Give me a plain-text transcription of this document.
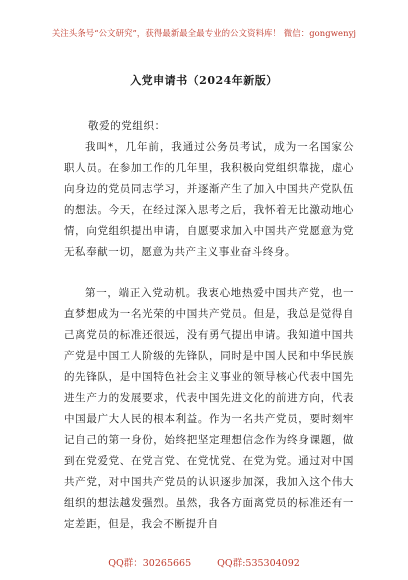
关注头条号“公文研究”，获得最新最全最专业的公文资料库！ 微信：gongwenyj
入党申请书（2024年新版）
敬爱的党组织：

我叫*，几年前，我通过公务员考试，成为一名国家公职人员。在参加工作的几年里，我积极向党组织靠拢，虚心向身边的党员同志学习，并逐渐产生了加入中国共产党队伍的想法。今天，在经过深入思考之后，我怀着无比激动地心情，向党组织提出申请，自愿要求加入中国共产党愿意为党无私奉献一切，愿意为共产主义事业奋斗终身。

第一，端正入党动机。我衷心地热爱中国共产党，也一直梦想成为一名光荣的中国共产党员。但是，我总是觉得自己离党员的标准还很远，没有勇气提出申请。我知道中国共产党是中国工人阶级的先锋队，同时是中国人民和中华民族的先锋队，是中国特色社会主义事业的领导核心代表中国先进生产力的发展要求，代表中国先进文化的前进方向，代表中国最广大人民的根本利益。作为一名共产党员，要时刻牢记自己的第一身份，始终把坚定理想信念作为终身课题，做到在党爱党、在党言党、在党忧党、在党为党。通过对中国共产党，对中国共产党员的认识逐步加深，我加入这个伟大组织的想法越发强烈。虽然，我各方面离党员的标准还有一定差距，但是，我会不断提升自

QQ群：30265665	QQ群:535304092
